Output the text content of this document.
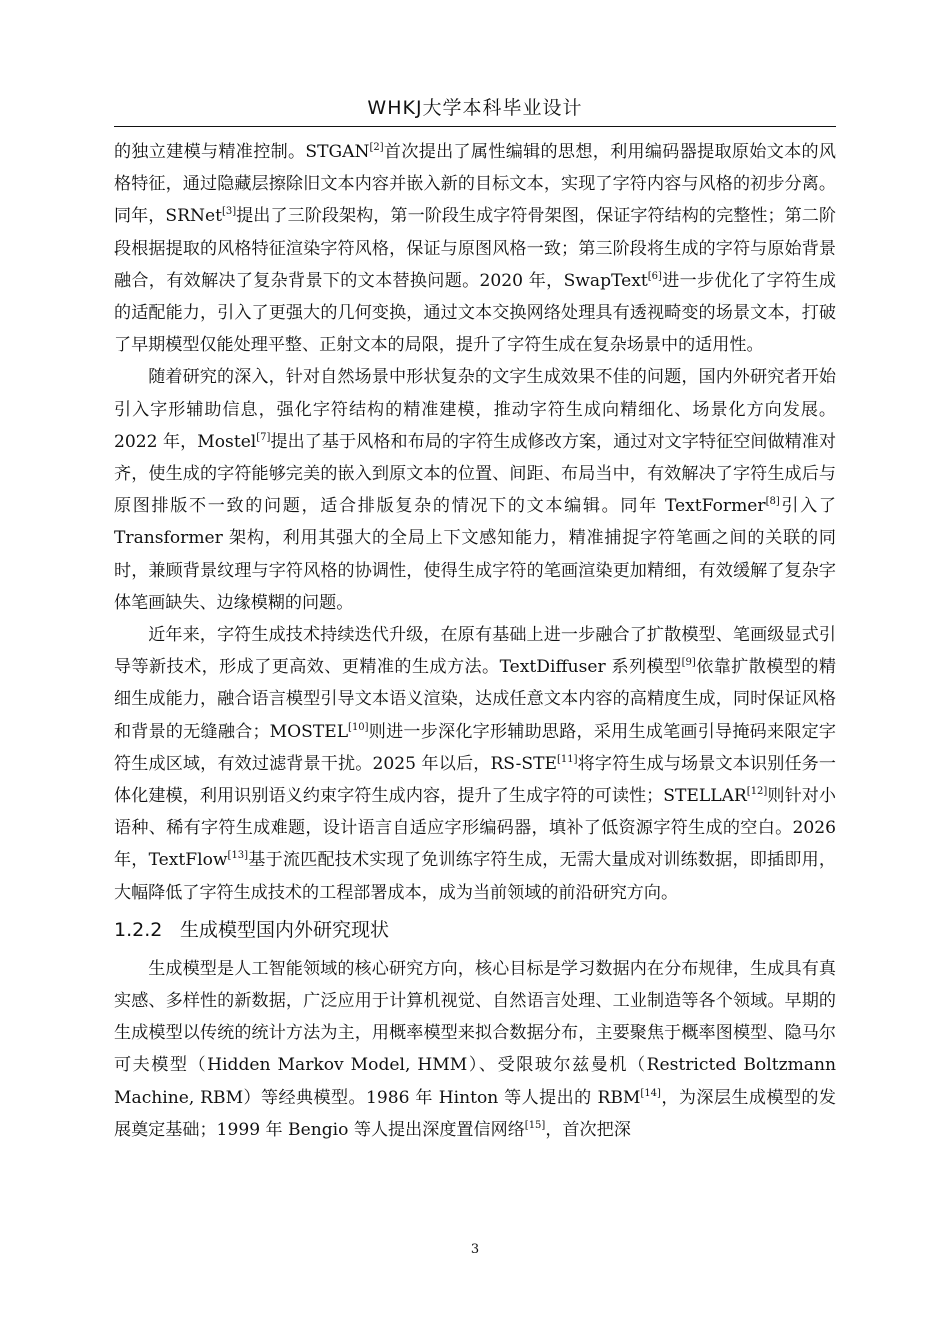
WHKJ大学本科毕业设计

的独立建模与精准控制。STGAN[2]首次提出了属性编辑的思想，利用编码器提取原始文本的风格特征，通过隐藏层擦除旧文本内容并嵌入新的目标文本，实现了字符内容与风格的初步分离。同年，SRNet[3]提出了三阶段架构，第一阶段生成字符骨架图，保证字符结构的完整性；第二阶段根据提取的风格特征渲染字符风格，保证与原图风格一致；第三阶段将生成的字符与原始背景融合，有效解决了复杂背景下的文本替换问题。2020 年，SwapText[6]进一步优化了字符生成的适配能力，引入了更强大的几何变换，通过文本交换网络处理具有透视畸变的场景文本，打破了早期模型仅能处理平整、正射文本的局限，提升了字符生成在复杂场景中的适用性。

随着研究的深入，针对自然场景中形状复杂的文字生成效果不佳的问题，国内外研究者开始引入字形辅助信息，强化字符结构的精准建模，推动字符生成向精细化、场景化方向发展。2022 年，Mostel[7]提出了基于风格和布局的字符生成修改方案，通过对文字特征空间做精准对齐，使生成的字符能够完美的嵌入到原文本的位置、间距、布局当中，有效解决了字符生成后与原图排版不一致的问题，适合排版复杂的情况下的文本编辑。同年 TextFormer[8]引入了 Transformer 架构，利用其强大的全局上下文感知能力，精准捕捉字符笔画之间的关联的同时，兼顾背景纹理与字符风格的协调性，使得生成字符的笔画渲染更加精细，有效缓解了复杂字体笔画缺失、边缘模糊的问题。

近年来，字符生成技术持续迭代升级，在原有基础上进一步融合了扩散模型、笔画级显式引导等新技术，形成了更高效、更精准的生成方法。TextDiffuser 系列模型[9]依靠扩散模型的精细生成能力，融合语言模型引导文本语义渲染，达成任意文本内容的高精度生成，同时保证风格和背景的无缝融合；MOSTEL[10]则进一步深化字形辅助思路，采用生成笔画引导掩码来限定字符生成区域，有效过滤背景干扰。2025 年以后，RS-STE[11]将字符生成与场景文本识别任务一体化建模，利用识别语义约束字符生成内容，提升了生成字符的可读性；STELLAR[12]则针对小语种、稀有字符生成难题，设计语言自适应字形编码器，填补了低资源字符生成的空白。2026 年，TextFlow[13]基于流匹配技术实现了免训练字符生成，无需大量成对训练数据，即插即用，大幅降低了字符生成技术的工程部署成本，成为当前领域的前沿研究方向。

1.2.2 生成模型国内外研究现状

生成模型是人工智能领域的核心研究方向，核心目标是学习数据内在分布规律，生成具有真实感、多样性的新数据，广泛应用于计算机视觉、自然语言处理、工业制造等各个领域。早期的生成模型以传统的统计方法为主，用概率模型来拟合数据分布，主要聚焦于概率图模型、隐马尔可夫模型（Hidden Markov Model, HMM）、受限玻尔兹曼机（Restricted Boltzmann Machine, RBM）等经典模型。1986 年 Hinton 等人提出的 RBM[14]，为深层生成模型的发展奠定基础；1999 年 Bengio 等人提出深度置信网络[15]，首次把深

3
